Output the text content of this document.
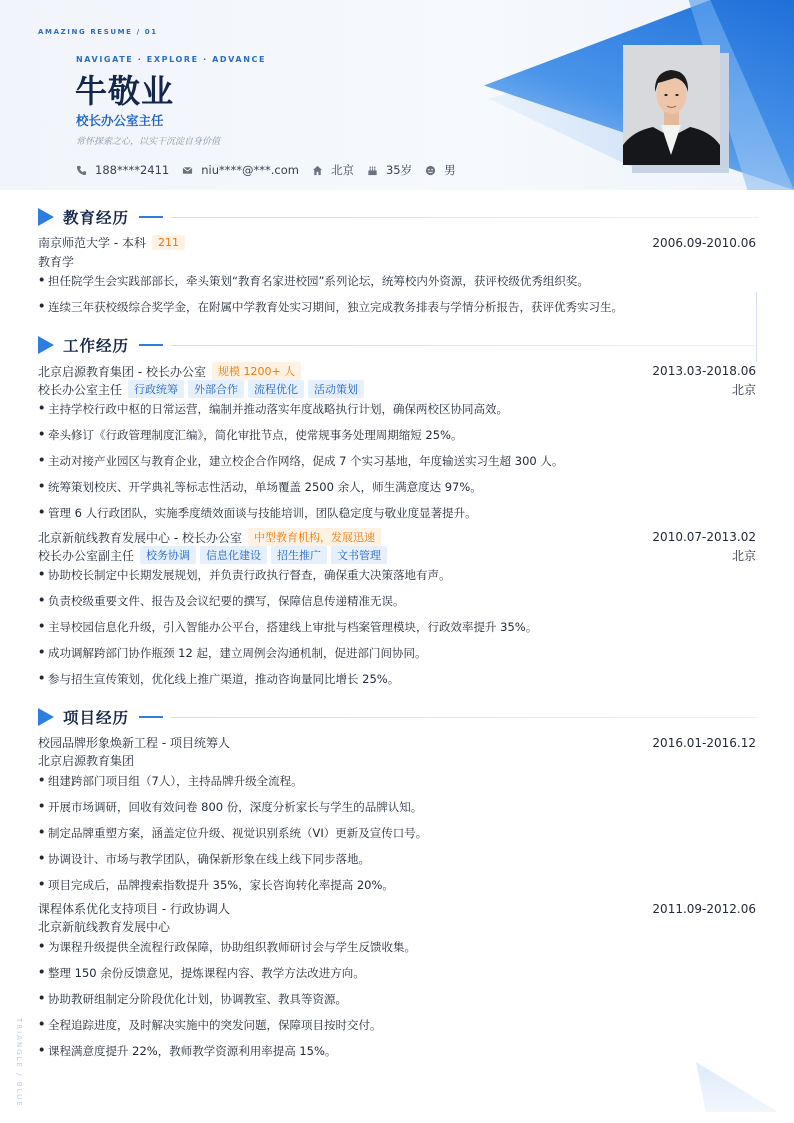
AMAZING RESUME / 01
NAVIGATE · EXPLORE · ADVANCE
牛敬业
校长办公室主任
常怀探索之心，以实干沉淀自身价值
188****2411	niu****@***.com	北京	35岁	男
教育经历
南京师范大学 - 本科	211	2006.09-2010.06
教育学
• 担任院学生会实践部部长，牵头策划“教育名家进校园”系列论坛，统筹校内外资源，获评校级优秀组织奖。
• 连续三年获校级综合奖学金，在附属中学教育处实习期间，独立完成教务排表与学情分析报告，获评优秀实习生。
工作经历
北京启源教育集团 - 校长办公室	规模 1200+ 人	2013.03-2018.06
校长办公室主任	行政统筹	外部合作	流程优化	活动策划	北京
• 主持学校行政中枢的日常运营，编制并推动落实年度战略执行计划，确保两校区协同高效。
• 牵头修订《行政管理制度汇编》，简化审批节点，使常规事务处理周期缩短 25%。
• 主动对接产业园区与教育企业，建立校企合作网络，促成 7 个实习基地，年度输送实习生超 300 人。
• 统筹策划校庆、开学典礼等标志性活动，单场覆盖 2500 余人，师生满意度达 97%。
• 管理 6 人行政团队，实施季度绩效面谈与技能培训，团队稳定度与敬业度显著提升。
北京新航线教育发展中心 - 校长办公室	中型教育机构，发展迅速	2010.07-2013.02
校长办公室副主任	校务协调	信息化建设	招生推广	文书管理	北京
• 协助校长制定中长期发展规划，并负责行政执行督查，确保重大决策落地有声。
• 负责校级重要文件、报告及会议纪要的撰写，保障信息传递精准无误。
• 主导校园信息化升级，引入智能办公平台，搭建线上审批与档案管理模块，行政效率提升 35%。
• 成功调解跨部门协作瓶颈 12 起，建立周例会沟通机制，促进部门间协同。
• 参与招生宣传策划，优化线上推广渠道，推动咨询量同比增长 25%。
项目经历
校园品牌形象焕新工程 - 项目统筹人	2016.01-2016.12
北京启源教育集团
• 组建跨部门项目组（7人），主持品牌升级全流程。
• 开展市场调研，回收有效问卷 800 份，深度分析家长与学生的品牌认知。
• 制定品牌重塑方案，涵盖定位升级、视觉识别系统（VI）更新及宣传口号。
• 协调设计、市场与教学团队，确保新形象在线上线下同步落地。
• 项目完成后，品牌搜索指数提升 35%，家长咨询转化率提高 20%。
课程体系优化支持项目 - 行政协调人	2011.09-2012.06
北京新航线教育发展中心
• 为课程升级提供全流程行政保障，协助组织教师研讨会与学生反馈收集。
• 整理 150 余份反馈意见，提炼课程内容、教学方法改进方向。
• 协助教研组制定分阶段优化计划，协调教室、教具等资源。
• 全程追踪进度，及时解决实施中的突发问题，保障项目按时交付。
• 课程满意度提升 22%，教师教学资源利用率提高 15%。
TRIANGLE / BLUE
